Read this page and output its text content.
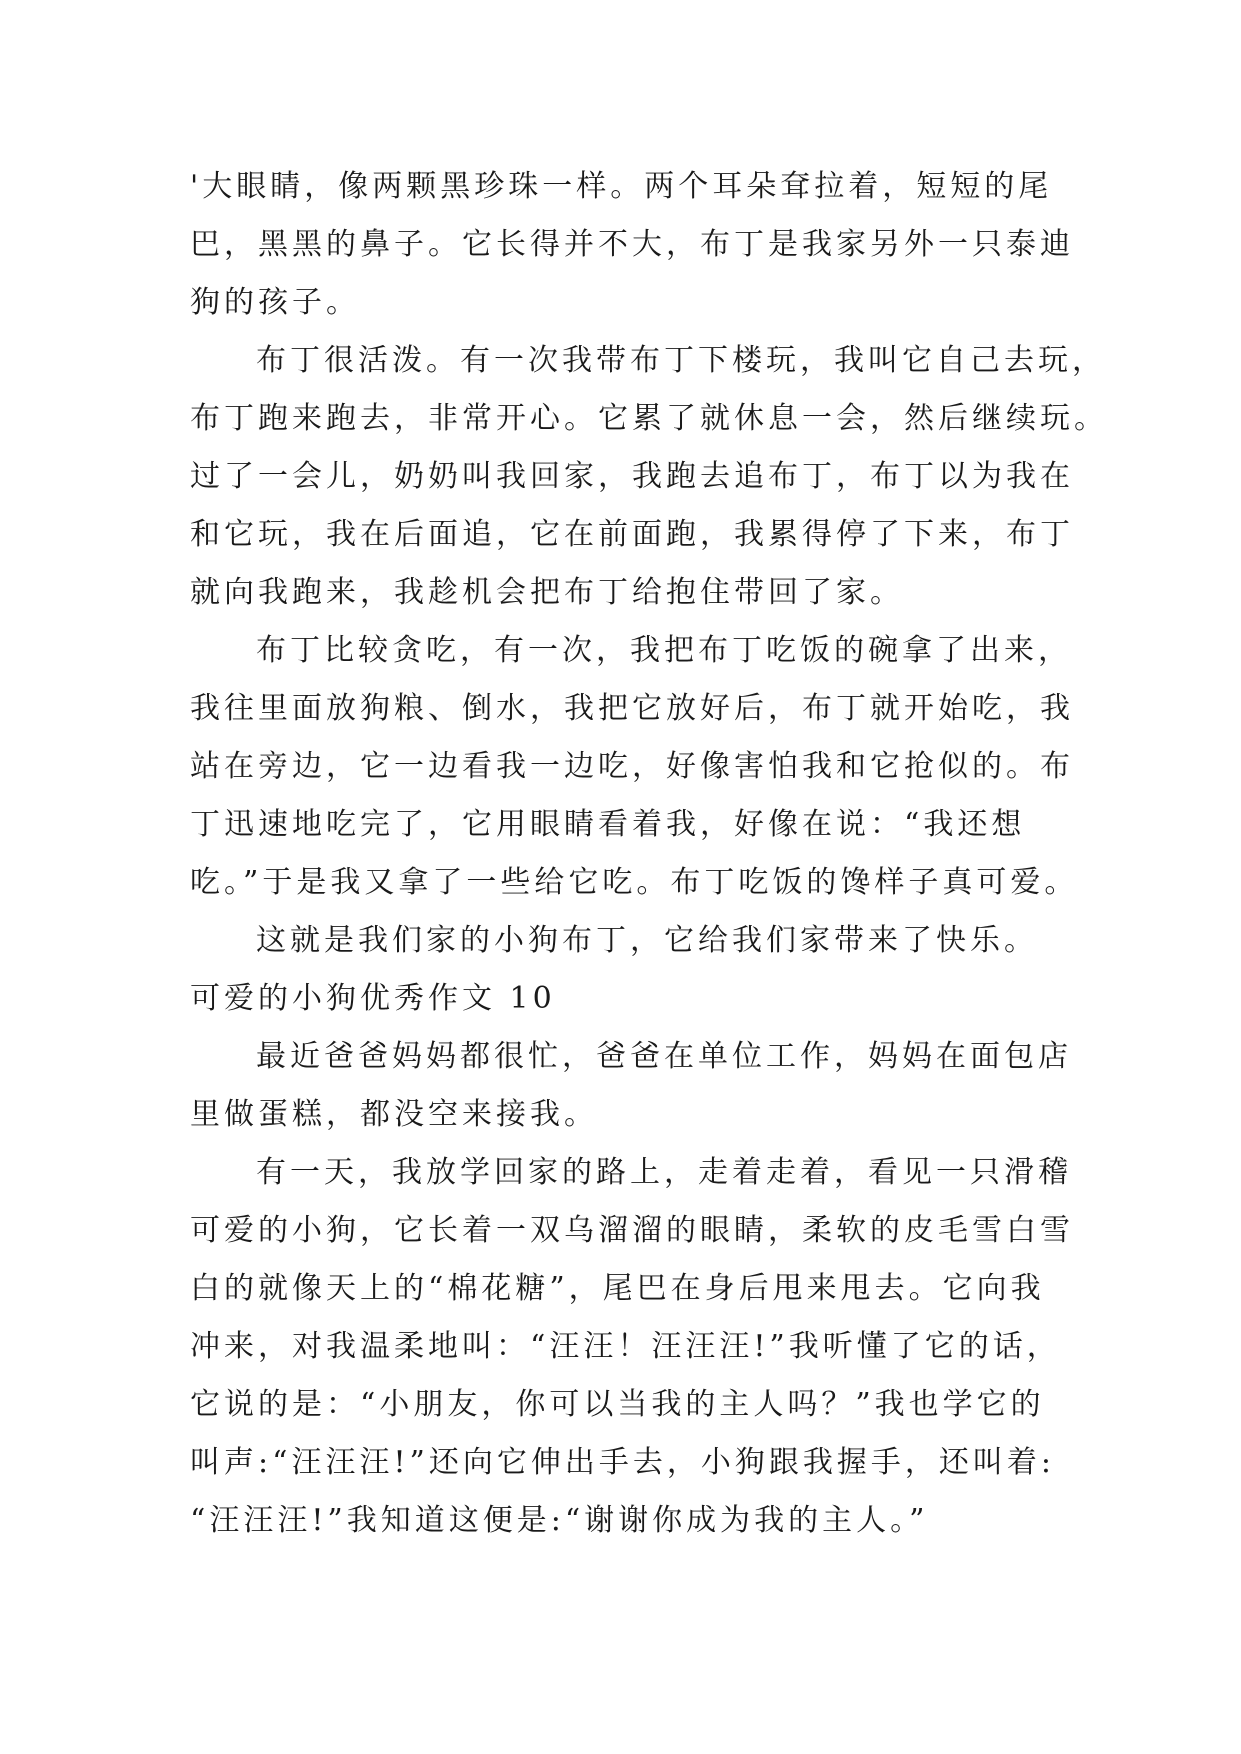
'大眼睛，像两颗黑珍珠一样。两个耳朵耷拉着，短短的尾
巴，黑黑的鼻子。它长得并不大，布丁是我家另外一只泰迪
狗的孩子。
布丁很活泼。有一次我带布丁下楼玩，我叫它自己去玩，
布丁跑来跑去，非常开心。它累了就休息一会，然后继续玩。
过了一会儿，奶奶叫我回家，我跑去追布丁，布丁以为我在
和它玩，我在后面追，它在前面跑，我累得停了下来，布丁
就向我跑来，我趁机会把布丁给抱住带回了家。
布丁比较贪吃，有一次，我把布丁吃饭的碗拿了出来，
我往里面放狗粮、倒水，我把它放好后，布丁就开始吃，我
站在旁边，它一边看我一边吃，好像害怕我和它抢似的。布
丁迅速地吃完了，它用眼睛看着我，好像在说：“我还想
吃。”于是我又拿了一些给它吃。布丁吃饭的馋样子真可爱。
这就是我们家的小狗布丁，它给我们家带来了快乐。
可爱的小狗优秀作文 10
最近爸爸妈妈都很忙，爸爸在单位工作，妈妈在面包店
里做蛋糕，都没空来接我。
有一天，我放学回家的路上，走着走着，看见一只滑稽
可爱的小狗，它长着一双乌溜溜的眼睛，柔软的皮毛雪白雪
白的就像天上的“棉花糖”，尾巴在身后甩来甩去。它向我
冲来，对我温柔地叫：“汪汪！汪汪汪!”我听懂了它的话，
它说的是：“小朋友，你可以当我的主人吗？”我也学它的
叫声:“汪汪汪!”还向它伸出手去，小狗跟我握手，还叫着:
“汪汪汪!”我知道这便是:“谢谢你成为我的主人。”
